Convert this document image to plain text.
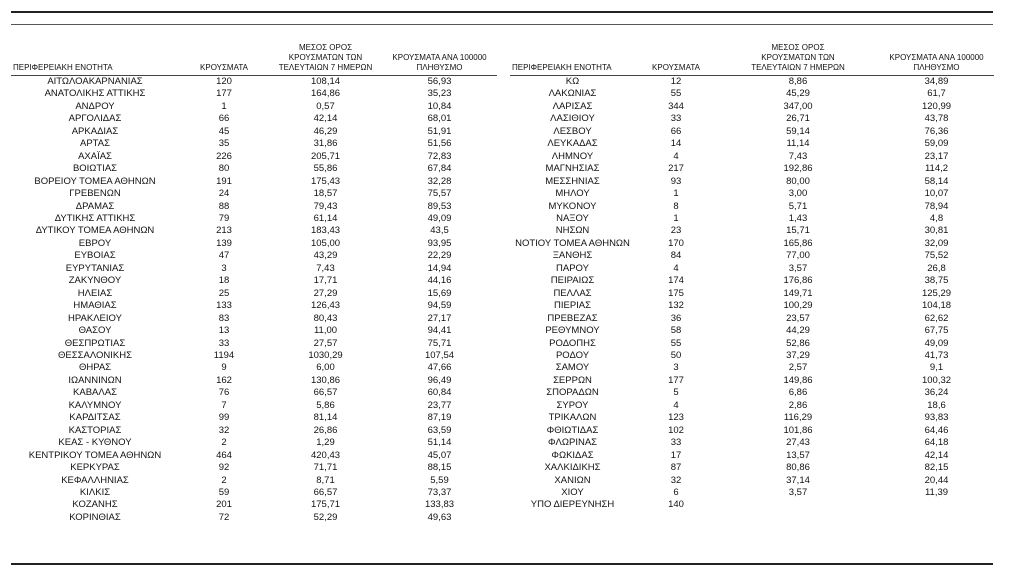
ΠΕΡΙΦΕΡΕΙΑΚΗ ΕΝΟΤΗΤΑ	ΚΡΟΥΣΜΑΤΑ	ΜΕΣΟΣ ΟΡΟΣ
ΚΡΟΥΣΜΑΤΩΝ ΤΩΝ
ΤΕΛΕΥΤΑΙΩΝ 7 ΗΜΕΡΩΝ	ΚΡΟΥΣΜΑΤΑ ΑΝΑ 100000
ΠΛΗΘΥΣΜΟ
ΑΙΤΩΛΟΑΚΑΡΝΑΝΙΑΣ	120	108,14	56,93
ΑΝΑΤΟΛΙΚΗΣ ΑΤΤΙΚΗΣ	177	164,86	35,23
ΑΝΔΡΟΥ	1	0,57	10,84
ΑΡΓΟΛΙΔΑΣ	66	42,14	68,01
ΑΡΚΑΔΙΑΣ	45	46,29	51,91
ΑΡΤΑΣ	35	31,86	51,56
ΑΧΑΪΑΣ	226	205,71	72,83
ΒΟΙΩΤΙΑΣ	80	55,86	67,84
ΒΟΡΕΙΟΥ ΤΟΜΕΑ ΑΘΗΝΩΝ	191	175,43	32,28
ΓΡΕΒΕΝΩΝ	24	18,57	75,57
ΔΡΑΜΑΣ	88	79,43	89,53
ΔΥΤΙΚΗΣ ΑΤΤΙΚΗΣ	79	61,14	49,09
ΔΥΤΙΚΟΥ ΤΟΜΕΑ ΑΘΗΝΩΝ	213	183,43	43,5
ΕΒΡΟΥ	139	105,00	93,95
ΕΥΒΟΙΑΣ	47	43,29	22,29
ΕΥΡΥΤΑΝΙΑΣ	3	7,43	14,94
ΖΑΚΥΝΘΟΥ	18	17,71	44,16
ΗΛΕΙΑΣ	25	27,29	15,69
ΗΜΑΘΙΑΣ	133	126,43	94,59
ΗΡΑΚΛΕΙΟΥ	83	80,43	27,17
ΘΑΣΟΥ	13	11,00	94,41
ΘΕΣΠΡΩΤΙΑΣ	33	27,57	75,71
ΘΕΣΣΑΛΟΝΙΚΗΣ	1194	1030,29	107,54
ΘΗΡΑΣ	9	6,00	47,66
ΙΩΑΝΝΙΝΩΝ	162	130,86	96,49
ΚΑΒΑΛΑΣ	76	66,57	60,84
ΚΑΛΥΜΝΟΥ	7	5,86	23,77
ΚΑΡΔΙΤΣΑΣ	99	81,14	87,19
ΚΑΣΤΟΡΙΑΣ	32	26,86	63,59
ΚΕΑΣ - ΚΥΘΝΟΥ	2	1,29	51,14
ΚΕΝΤΡΙΚΟΥ ΤΟΜΕΑ ΑΘΗΝΩΝ	464	420,43	45,07
ΚΕΡΚΥΡΑΣ	92	71,71	88,15
ΚΕΦΑΛΛΗΝΙΑΣ	2	8,71	5,59
ΚΙΛΚΙΣ	59	66,57	73,37
ΚΟΖΑΝΗΣ	201	175,71	133,83
ΚΟΡΙΝΘΙΑΣ	72	52,29	49,63
ΠΕΡΙΦΕΡΕΙΑΚΗ ΕΝΟΤΗΤΑ	ΚΡΟΥΣΜΑΤΑ	ΜΕΣΟΣ ΟΡΟΣ
ΚΡΟΥΣΜΑΤΩΝ ΤΩΝ
ΤΕΛΕΥΤΑΙΩΝ 7 ΗΜΕΡΩΝ	ΚΡΟΥΣΜΑΤΑ ΑΝΑ 100000
ΠΛΗΘΥΣΜΟ
ΚΩ	12	8,86	34,89
ΛΑΚΩΝΙΑΣ	55	45,29	61,7
ΛΑΡΙΣΑΣ	344	347,00	120,99
ΛΑΣΙΘΙΟΥ	33	26,71	43,78
ΛΕΣΒΟΥ	66	59,14	76,36
ΛΕΥΚΑΔΑΣ	14	11,14	59,09
ΛΗΜΝΟΥ	4	7,43	23,17
ΜΑΓΝΗΣΙΑΣ	217	192,86	114,2
ΜΕΣΣΗΝΙΑΣ	93	80,00	58,14
ΜΗΛΟΥ	1	3,00	10,07
ΜΥΚΟΝΟΥ	8	5,71	78,94
ΝΑΞΟΥ	1	1,43	4,8
ΝΗΣΩΝ	23	15,71	30,81
ΝΟΤΙΟΥ ΤΟΜΕΑ ΑΘΗΝΩΝ	170	165,86	32,09
ΞΑΝΘΗΣ	84	77,00	75,52
ΠΑΡΟΥ	4	3,57	26,8
ΠΕΙΡΑΙΩΣ	174	176,86	38,75
ΠΕΛΛΑΣ	175	149,71	125,29
ΠΙΕΡΙΑΣ	132	100,29	104,18
ΠΡΕΒΕΖΑΣ	36	23,57	62,62
ΡΕΘΥΜΝΟΥ	58	44,29	67,75
ΡΟΔΟΠΗΣ	55	52,86	49,09
ΡΟΔΟΥ	50	37,29	41,73
ΣΑΜΟΥ	3	2,57	9,1
ΣΕΡΡΩΝ	177	149,86	100,32
ΣΠΟΡΑΔΩΝ	5	6,86	36,24
ΣΥΡΟΥ	4	2,86	18,6
ΤΡΙΚΑΛΩΝ	123	116,29	93,83
ΦΘΙΩΤΙΔΑΣ	102	101,86	64,46
ΦΛΩΡΙΝΑΣ	33	27,43	64,18
ΦΩΚΙΔΑΣ	17	13,57	42,14
ΧΑΛΚΙΔΙΚΗΣ	87	80,86	82,15
ΧΑΝΙΩΝ	32	37,14	20,44
ΧΙΟΥ	6	3,57	11,39
ΥΠΟ ΔΙΕΡΕΥΝΗΣΗ	140		
